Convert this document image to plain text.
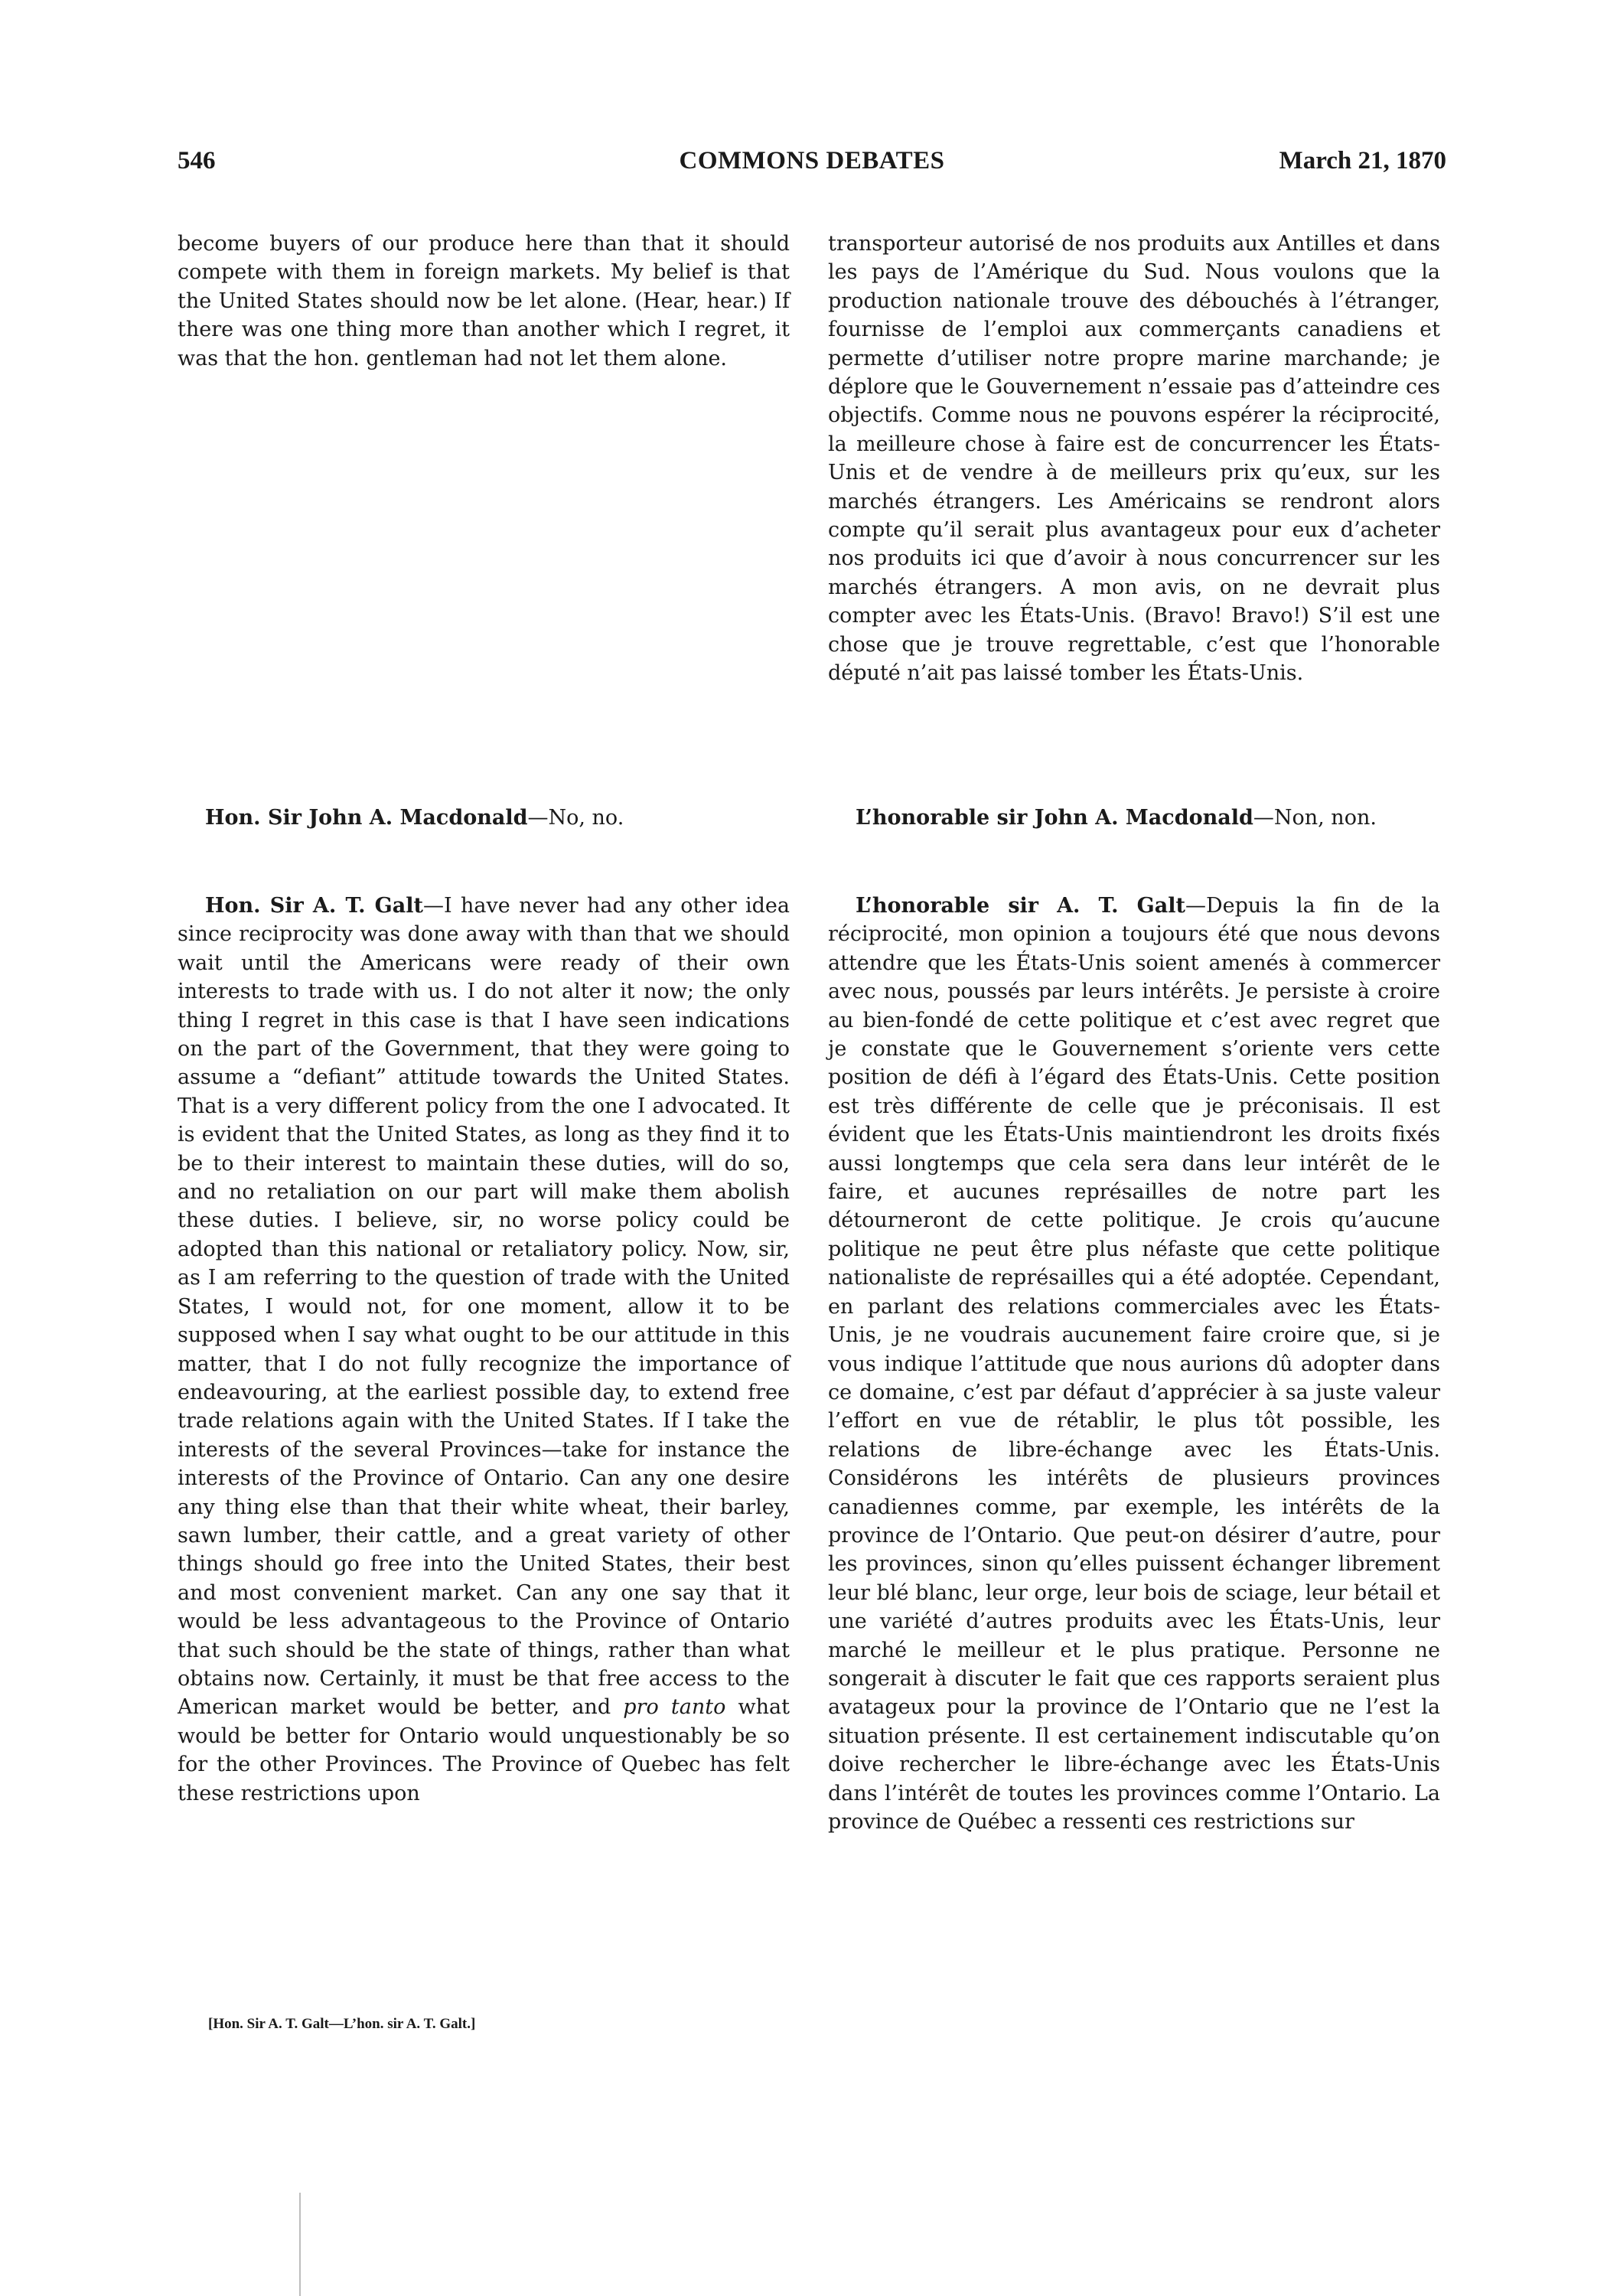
546	COMMONS DEBATES	March 21, 1870

become buyers of our produce here than that it should compete with them in foreign markets. My belief is that the United States should now be let alone. (Hear, hear.) If there was one thing more than another which I regret, it was that the hon. gentleman had not let them alone.

transporteur autorisé de nos produits aux Antilles et dans les pays de l’Amérique du Sud. Nous voulons que la production nationale trouve des débouchés à l’étranger, fournisse de l’emploi aux commerçants canadiens et permette d’utiliser notre propre marine marchande; je déplore que le Gouvernement n’essaie pas d’atteindre ces objectifs. Comme nous ne pouvons espérer la réciprocité, la meilleure chose à faire est de concurrencer les États-Unis et de vendre à de meilleurs prix qu’eux, sur les marchés étrangers. Les Américains se rendront alors compte qu’il serait plus avantageux pour eux d’acheter nos produits ici que d’avoir à nous concurrencer sur les marchés étrangers. A mon avis, on ne devrait plus compter avec les États-Unis. (Bravo! Bravo!) S’il est une chose que je trouve regrettable, c’est que l’honorable député n’ait pas laissé tomber les États-Unis.

Hon. Sir John A. Macdonald—No, no.	L’honorable sir John A. Macdonald—Non, non.

Hon. Sir A. T. Galt—I have never had any other idea since reciprocity was done away with than that we should wait until the Americans were ready of their own interests to trade with us. I do not alter it now; the only thing I regret in this case is that I have seen indications on the part of the Government, that they were going to assume a “defiant” attitude towards the United States. That is a very different policy from the one I advocated. It is evident that the United States, as long as they find it to be to their interest to maintain these duties, will do so, and no retaliation on our part will make them abolish these duties. I believe, sir, no worse policy could be adopted than this national or retaliatory policy. Now, sir, as I am referring to the question of trade with the United States, I would not, for one moment, allow it to be supposed when I say what ought to be our attitude in this matter, that I do not fully recognize the importance of endeavouring, at the earliest possible day, to extend free trade relations again with the United States. If I take the interests of the several Provinces—take for instance the interests of the Province of Ontario. Can any one desire any thing else than that their white wheat, their barley, sawn lumber, their cattle, and a great variety of other things should go free into the United States, their best and most convenient market. Can any one say that it would be less advantageous to the Province of Ontario that such should be the state of things, rather than what obtains now. Certainly, it must be that free access to the American market would be better, and pro tanto what would be better for Ontario would unquestionably be so for the other Provinces. The Province of Quebec has felt these restrictions upon

L’honorable sir A. T. Galt—Depuis la fin de la réciprocité, mon opinion a toujours été que nous devons attendre que les États-Unis soient amenés à commercer avec nous, poussés par leurs intérêts. Je persiste à croire au bien-fondé de cette politique et c’est avec regret que je constate que le Gouvernement s’oriente vers cette position de défi à l’égard des États-Unis. Cette position est très différente de celle que je préconisais. Il est évident que les États-Unis maintiendront les droits fixés aussi longtemps que cela sera dans leur intérêt de le faire, et aucunes représailles de notre part les détourneront de cette politique. Je crois qu’aucune politique ne peut être plus néfaste que cette politique nationaliste de représailles qui a été adoptée. Cependant, en parlant des relations commerciales avec les États-Unis, je ne voudrais aucunement faire croire que, si je vous indique l’attitude que nous aurions dû adopter dans ce domaine, c’est par défaut d’apprécier à sa juste valeur l’effort en vue de rétablir, le plus tôt possible, les relations de libre-échange avec les États-Unis. Considérons les intérêts de plusieurs provinces canadiennes comme, par exemple, les intérêts de la province de l’Ontario. Que peut-on désirer d’autre, pour les provinces, sinon qu’elles puissent échanger librement leur blé blanc, leur orge, leur bois de sciage, leur bétail et une variété d’autres produits avec les États-Unis, leur marché le meilleur et le plus pratique. Personne ne songerait à discuter le fait que ces rapports seraient plus avatageux pour la province de l’Ontario que ne l’est la situation présente. Il est certainement indiscutable qu’on doive rechercher le libre-échange avec les États-Unis dans l’intérêt de toutes les provinces comme l’Ontario. La province de Québec a ressenti ces restrictions sur

[Hon. Sir A. T. Galt—L’hon. sir A. T. Galt.]
